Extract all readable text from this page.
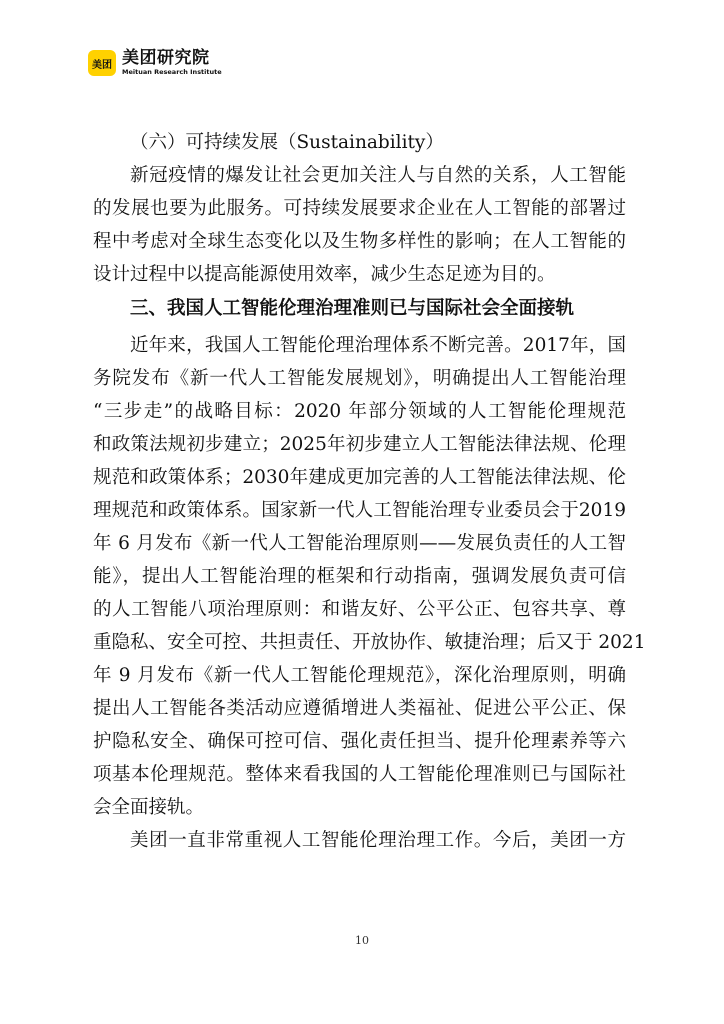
美团 美团研究院
Meituan Research Institute
（六）可持续发展（Sustainability）
新冠疫情的爆发让社会更加关注人与自然的关系，人工智能
的发展也要为此服务。可持续发展要求企业在人工智能的部署过
程中考虑对全球生态变化以及生物多样性的影响；在人工智能的
设计过程中以提高能源使用效率，减少生态足迹为目的。
三、我国人工智能伦理治理准则已与国际社会全面接轨
近年来，我国人工智能伦理治理体系不断完善。2017年，国
务院发布《新一代人工智能发展规划》，明确提出人工智能治理
“三步走”的战略目标：2020 年部分领域的人工智能伦理规范
和政策法规初步建立；2025年初步建立人工智能法律法规、伦理
规范和政策体系；2030年建成更加完善的人工智能法律法规、伦
理规范和政策体系。国家新一代人工智能治理专业委员会于2019
年 6 月发布《新一代人工智能治理原则——发展负责任的人工智
能》，提出人工智能治理的框架和行动指南，强调发展负责可信
的人工智能八项治理原则：和谐友好、公平公正、包容共享、尊
重隐私、安全可控、共担责任、开放协作、敏捷治理；后又于 2021
年 9 月发布《新一代人工智能伦理规范》，深化治理原则，明确
提出人工智能各类活动应遵循增进人类福祉、促进公平公正、保
护隐私安全、确保可控可信、强化责任担当、提升伦理素养等六
项基本伦理规范。整体来看我国的人工智能伦理准则已与国际社
会全面接轨。
美团一直非常重视人工智能伦理治理工作。今后，美团一方
10
